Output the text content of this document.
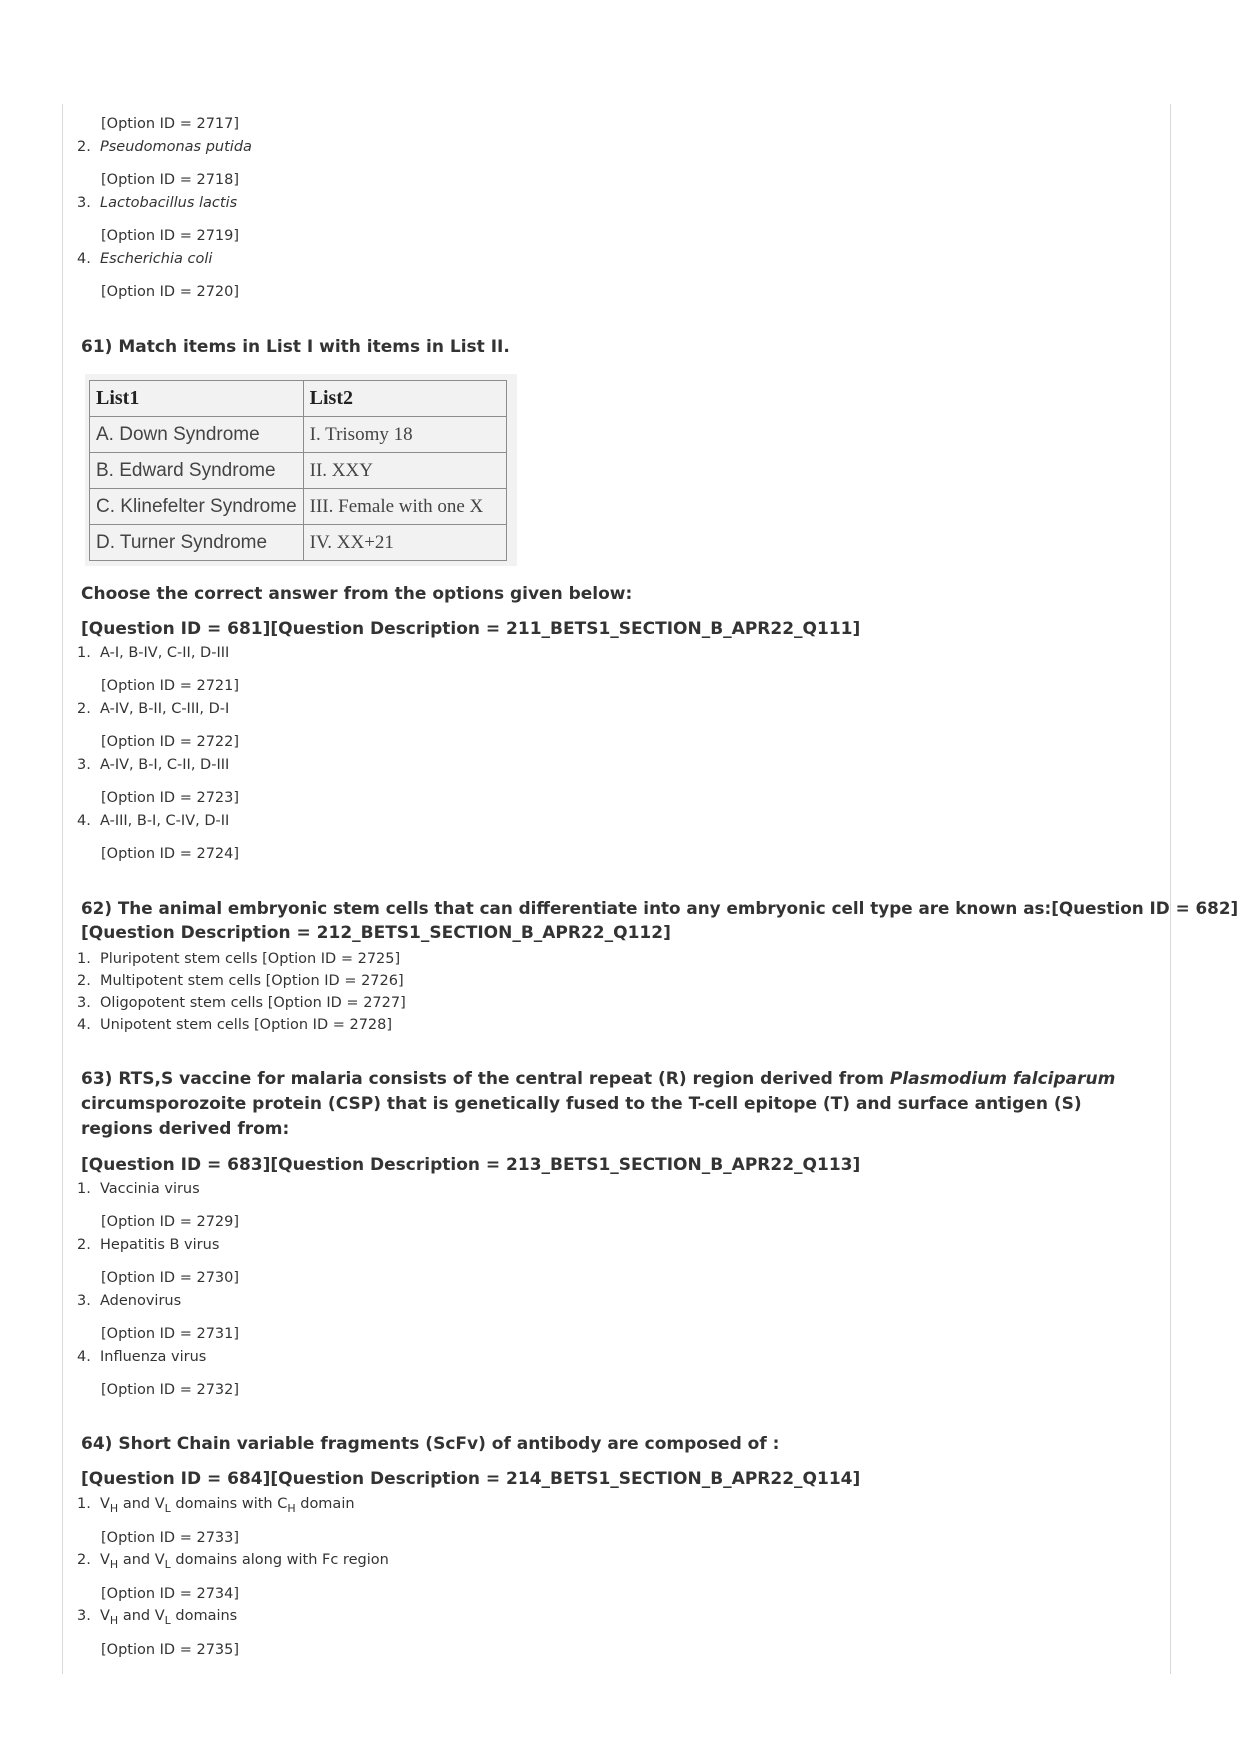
[Option ID = 2717]

2. Pseudomonas putida

[Option ID = 2718]

3. Lactobacillus lactis

[Option ID = 2719]

4. Escherichia coli

[Option ID = 2720]

61) Match items in List I with items in List II.

List1	List2
A. Down Syndrome	I. Trisomy 18
B. Edward Syndrome	II. XXY
C. Klinefelter Syndrome	III. Female with one X
D. Turner Syndrome	IV. XX+21

Choose the correct answer from the options given below:

[Question ID = 681][Question Description = 211_BETS1_SECTION_B_APR22_Q111]

1. A-I, B-IV, C-II, D-III

[Option ID = 2721]

2. A-IV, B-II, C-III, D-I

[Option ID = 2722]

3. A-IV, B-I, C-II, D-III

[Option ID = 2723]

4. A-III, B-I, C-IV, D-II

[Option ID = 2724]

62) The animal embryonic stem cells that can differentiate into any embryonic cell type are known as:[Question ID = 682]

[Question Description = 212_BETS1_SECTION_B_APR22_Q112]

1. Pluripotent stem cells [Option ID = 2725]

2. Multipotent stem cells [Option ID = 2726]

3. Oligopotent stem cells [Option ID = 2727]

4. Unipotent stem cells [Option ID = 2728]

63) RTS,S vaccine for malaria consists of the central repeat (R) region derived from Plasmodium falciparum circumsporozoite protein (CSP) that is genetically fused to the T-cell epitope (T) and surface antigen (S) regions derived from:

[Question ID = 683][Question Description = 213_BETS1_SECTION_B_APR22_Q113]

1. Vaccinia virus

[Option ID = 2729]

2. Hepatitis B virus

[Option ID = 2730]

3. Adenovirus

[Option ID = 2731]

4. Influenza virus

[Option ID = 2732]

64) Short Chain variable fragments (ScFv) of antibody are composed of :

[Question ID = 684][Question Description = 214_BETS1_SECTION_B_APR22_Q114]

1. $V_H$ and $V_L$ domains with $C_H$ domain

[Option ID = 2733]

2. $V_H$ and $V_L$ domains along with Fc region

[Option ID = 2734]

3. $V_H$ and $V_L$ domains

[Option ID = 2735]
